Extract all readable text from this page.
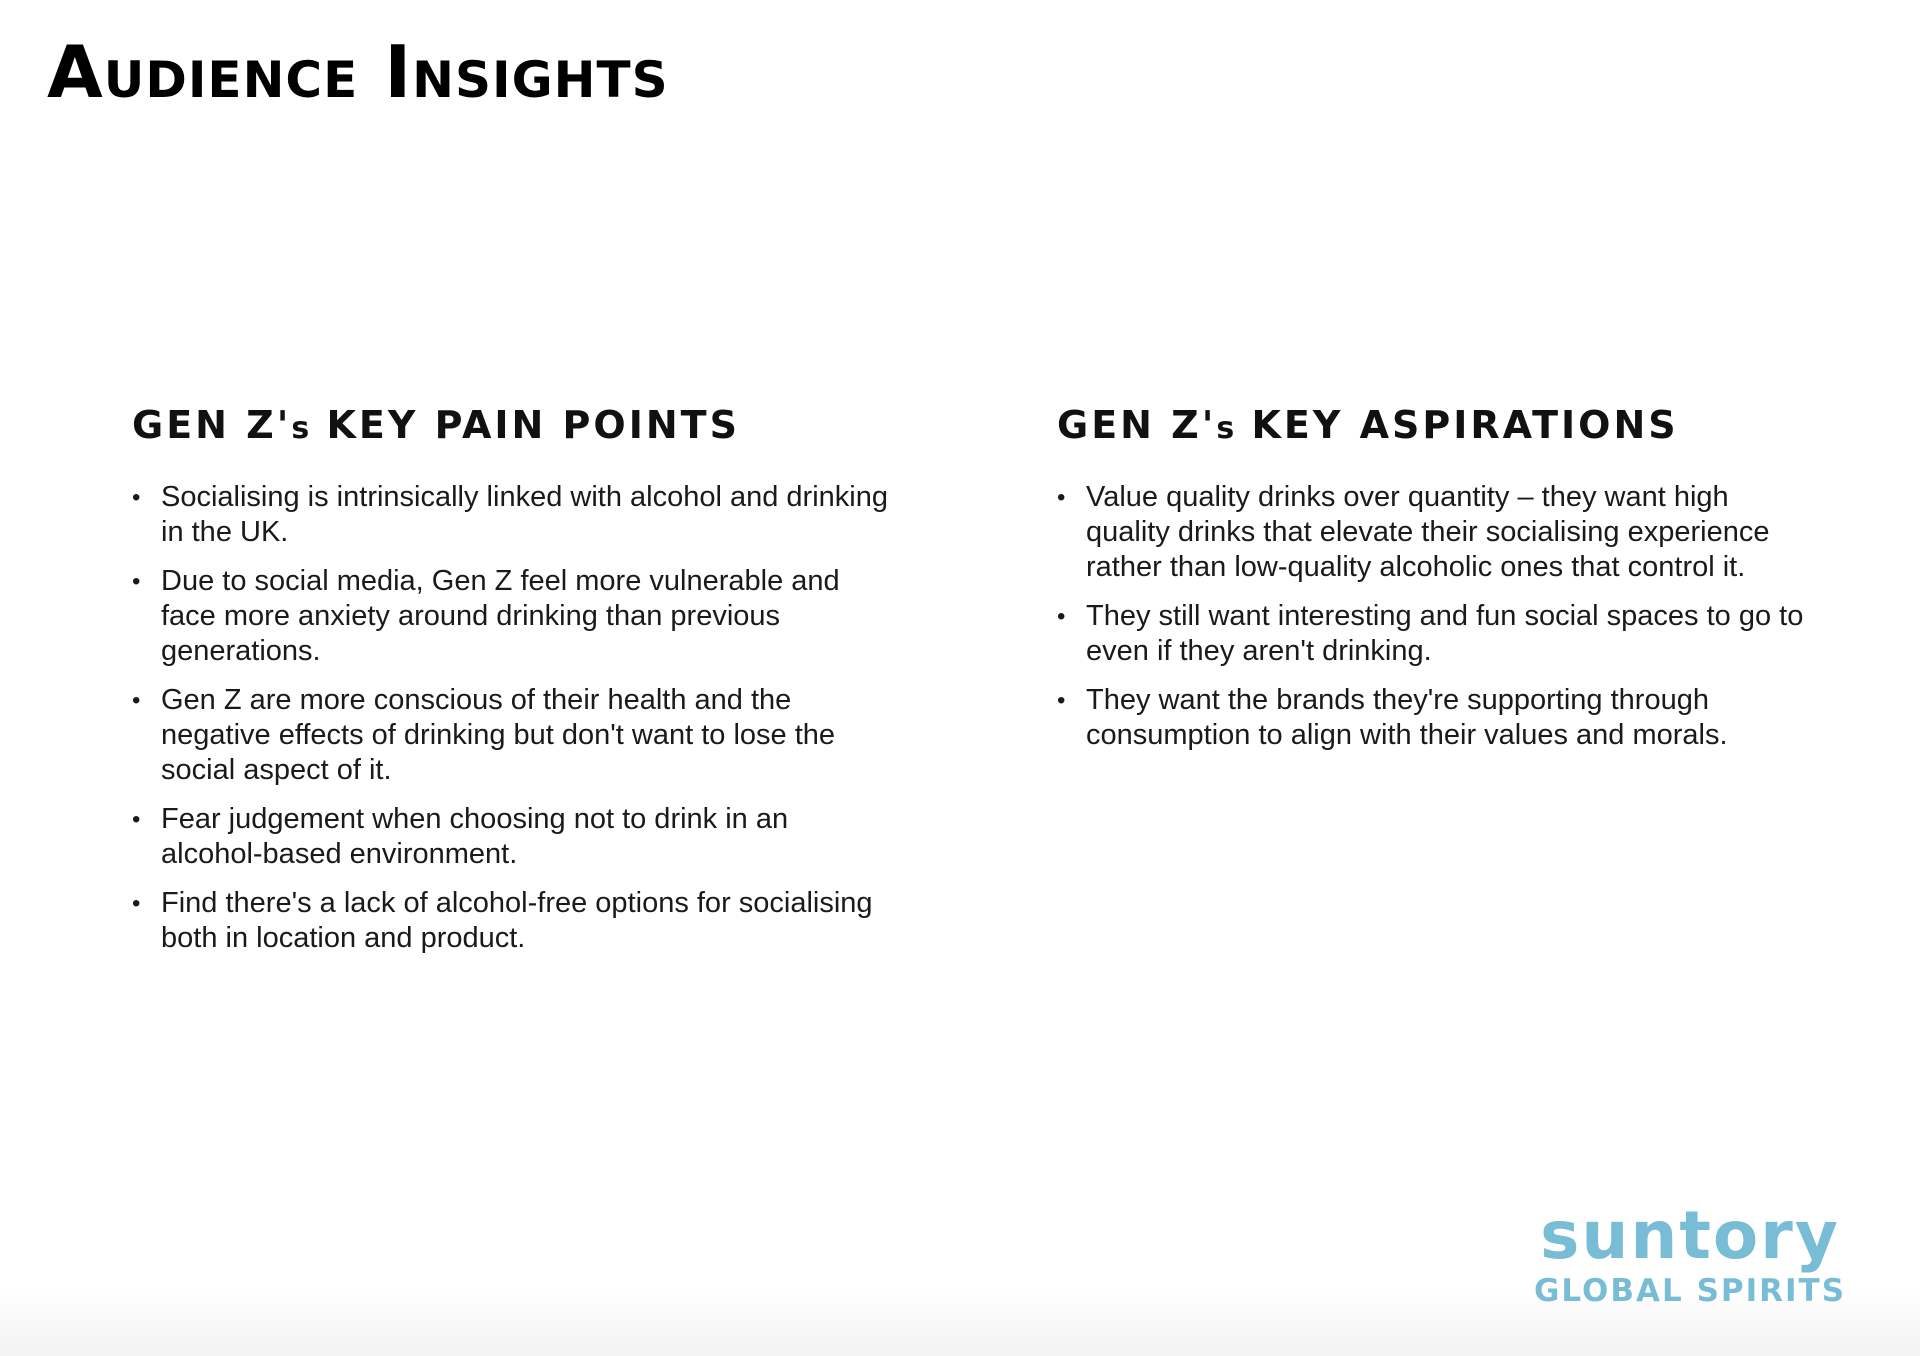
Audience Insights
GEN Z's KEY PAIN POINTS
• Socialising is intrinsically linked with alcohol and drinking in the UK.
• Due to social media, Gen Z feel more vulnerable and face more anxiety around drinking than previous generations.
• Gen Z are more conscious of their health and the negative effects of drinking but don't want to lose the social aspect of it.
• Fear judgement when choosing not to drink in an alcohol-based environment.
• Find there's a lack of alcohol-free options for socialising both in location and product.
GEN Z's KEY ASPIRATIONS
• Value quality drinks over quantity – they want high quality drinks that elevate their socialising experience rather than low-quality alcoholic ones that control it.
• They still want interesting and fun social spaces to go to even if they aren't drinking.
• They want the brands they're supporting through consumption to align with their values and morals.
suntory
GLOBAL SPIRITS
